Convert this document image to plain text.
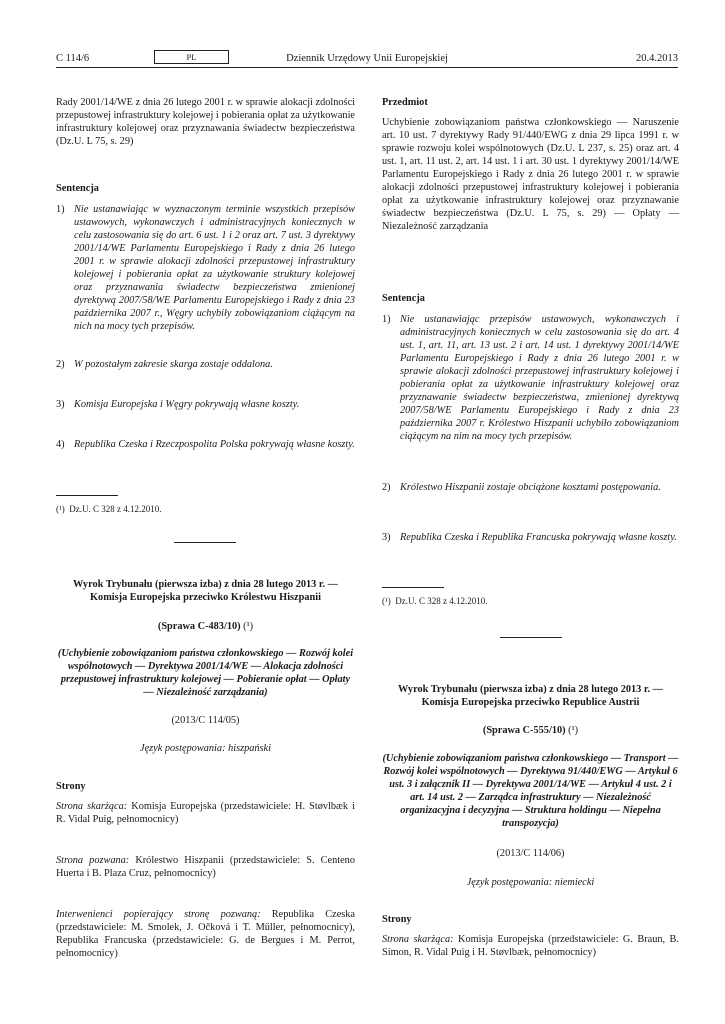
C 114/6	PL	Dziennik Urzędowy Unii Europejskiej	20.4.2013

Rady 2001/14/WE z dnia 26 lutego 2001 r. w sprawie alokacji zdolności przepustowej infrastruktury kolejowej i pobierania opłat za użytkowanie infrastruktury kolejowej oraz przyznawania świadectw bezpieczeństwa (Dz.U. L 75, s. 29)

Sentencja

1) Nie ustanawiając w wyznaczonym terminie wszystkich przepisów ustawowych, wykonawczych i administracyjnych koniecznych w celu zastosowania się do art. 6 ust. 1 i 2 oraz art. 7 ust. 3 dyrektywy 2001/14/WE Parlamentu Europejskiego i Rady z dnia 26 lutego 2001 r. w sprawie alokacji zdolności przepustowej infrastruktury kolejowej i pobierania opłat za użytkowanie struktury kolejowej oraz przyznawania świadectw bezpieczeństwa zmienionej dyrektywą 2007/58/WE Parlamentu Europejskiego i Rady z dnia 23 października 2007 r., Węgry uchybiły zobowiązaniom ciążącym na nich na mocy tych przepisów.
2) W pozostałym zakresie skarga zostaje oddalona.
3) Komisja Europejska i Węgry pokrywają własne koszty.
4) Republika Czeska i Rzeczpospolita Polska pokrywają własne koszty.

(¹) Dz.U. C 328 z 4.12.2010.

Wyrok Trybunału (pierwsza izba) z dnia 28 lutego 2013 r. — Komisja Europejska przeciwko Królestwu Hiszpanii

(Sprawa C-483/10) (¹)

(Uchybienie zobowiązaniom państwa członkowskiego — Rozwój kolei wspólnotowych — Dyrektywa 2001/14/WE — Alokacja zdolności przepustowej infrastruktury kolejowej — Pobieranie opłat — Opłaty — Niezależność zarządzania)

(2013/C 114/05)

Język postępowania: hiszpański

Strony

Strona skarżąca: Komisja Europejska (przedstawiciele: H. Støvlbæk i R. Vidal Puig, pełnomocnicy)

Strona pozwana: Królestwo Hiszpanii (przedstawiciele: S. Centeno Huerta i B. Plaza Cruz, pełnomocnicy)

Interwenienci popierający stronę pozwaną: Republika Czeska (przedstawiciele: M. Smolek, J. Očková i T. Müller, pełnomocnicy), Republika Francuska (przedstawiciele: G. de Bergues i M. Perrot, pełnomocnicy)

Przedmiot

Uchybienie zobowiązaniom państwa członkowskiego — Naruszenie art. 10 ust. 7 dyrektywy Rady 91/440/EWG z dnia 29 lipca 1991 r. w sprawie rozwoju kolei wspólnotowych (Dz.U. L 237, s. 25) oraz art. 4 ust. 1, art. 11 ust. 2, art. 14 ust. 1 i art. 30 ust. 1 dyrektywy 2001/14/WE Parlamentu Europejskiego i Rady z dnia 26 lutego 2001 r. w sprawie alokacji zdolności przepustowej infrastruktury kolejowej i pobierania opłat za użytkowanie infrastruktury kolejowej oraz przyznawanie świadectw bezpieczeństwa (Dz.U. L 75, s. 29) — Opłaty — Niezależność zarządzania

Sentencja

1) Nie ustanawiając przepisów ustawowych, wykonawczych i administracyjnych koniecznych w celu zastosowania się do art. 4 ust. 1, art. 11, art. 13 ust. 2 i art. 14 ust. 1 dyrektywy 2001/14/WE Parlamentu Europejskiego i Rady z dnia 26 lutego 2001 r. w sprawie alokacji zdolności przepustowej infrastruktury kolejowej i pobierania opłat za użytkowanie infrastruktury kolejowej oraz przyznawanie świadectw bezpieczeństwa, zmienionej dyrektywą 2007/58/WE Parlamentu Europejskiego i Rady z dnia 23 października 2007 r. Królestwo Hiszpanii uchybiło zobowiązaniom ciążącym na nim na mocy tych przepisów.
2) Królestwo Hiszpanii zostaje obciążone kosztami postępowania.
3) Republika Czeska i Republika Francuska pokrywają własne koszty.

(¹) Dz.U. C 328 z 4.12.2010.

Wyrok Trybunału (pierwsza izba) z dnia 28 lutego 2013 r. — Komisja Europejska przeciwko Republice Austrii

(Sprawa C-555/10) (¹)

(Uchybienie zobowiązaniom państwa członkowskiego — Transport — Rozwój kolei wspólnotowych — Dyrektywa 91/440/EWG — Artykuł 6 ust. 3 i załącznik II — Dyrektywa 2001/14/WE — Artykuł 4 ust. 2 i art. 14 ust. 2 — Zarządca infrastruktury — Niezależność organizacyjna i decyzyjna — Struktura holdingu — Niepełna transpozycja)

(2013/C 114/06)

Język postępowania: niemiecki

Strony

Strona skarżąca: Komisja Europejska (przedstawiciele: G. Braun, B. Simon, R. Vidal Puig i H. Støvlbæk, pełnomocnicy)
